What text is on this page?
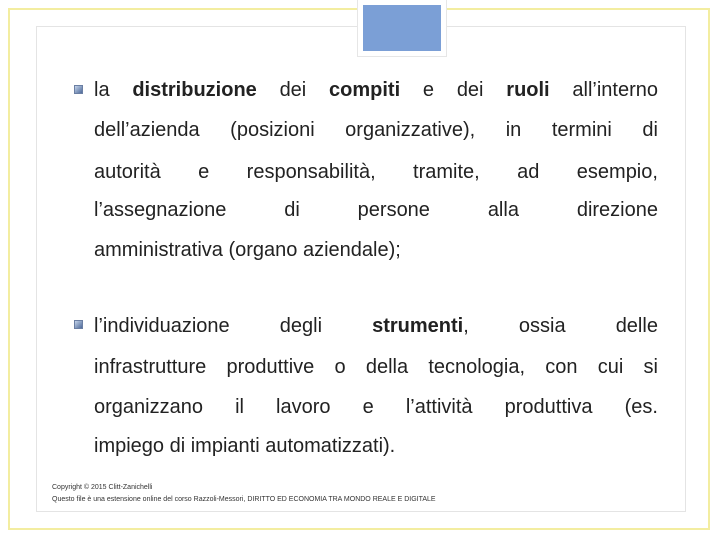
la distribuzione dei compiti e dei ruoli all’interno
dell’azienda (posizioni organizzative), in termini di
autorità e responsabilità, tramite, ad esempio,
l’assegnazione	di	persone	alla	direzione
amministrativa (organo aziendale);
l’individuazione	degli	strumenti,	ossia	delle
infrastrutture produttive o della tecnologia, con cui si
organizzano il lavoro e l’attività produttiva (es.
impiego di impianti automatizzati).
Copyright © 2015 Clitt-Zanichelli
Questo file è una estensione online del corso Razzoli-Messori, DIRITTO ED ECONOMIA TRA MONDO REALE E DIGITALE
